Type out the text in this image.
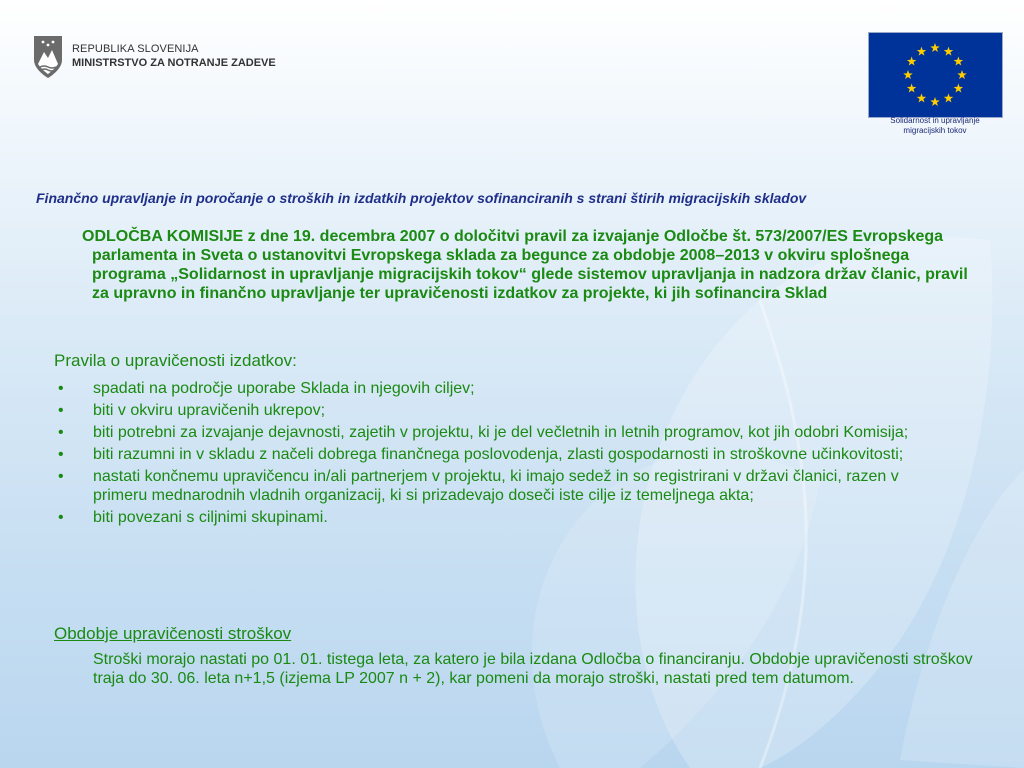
REPUBLIKA SLOVENIJA
MINISTRSTVO ZA NOTRANJE ZADEVE
Solidarnost in upravljanje
migracijskih tokov
Finančno upravljanje in poročanje o stroških in izdatkih projektov sofinanciranih s strani štirih migracijskih skladov

ODLOČBA KOMISIJE z dne 19. decembra 2007 o določitvi pravil za izvajanje Odločbe št. 573/2007/ES Evropskega parlamenta in Sveta o ustanovitvi Evropskega sklada za begunce za obdobje 2008–2013 v okviru splošnega programa „Solidarnost in upravljanje migracijskih tokov“ glede sistemov upravljanja in nadzora držav članic, pravil za upravno in finančno upravljanje ter upravičenosti izdatkov za projekte, ki jih sofinancira Sklad

Pravila o upravičenosti izdatkov:

• spadati na področje uporabe Sklada in njegovih ciljev;
• biti v okviru upravičenih ukrepov;
• biti potrebni za izvajanje dejavnosti, zajetih v projektu, ki je del večletnih in letnih programov, kot jih odobri Komisija;
• biti razumni in v skladu z načeli dobrega finančnega poslovodenja, zlasti gospodarnosti in stroškovne učinkovitosti;
• nastati končnemu upravičencu in/ali partnerjem v projektu, ki imajo sedež in so registrirani v državi članici, razen v primeru mednarodnih vladnih organizacij, ki si prizadevajo doseči iste cilje iz temeljnega akta;
• biti povezani s ciljnimi skupinami.

Obdobje upravičenosti stroškov

Stroški morajo nastati po 01. 01. tistega leta, za katero je bila izdana Odločba o financiranju. Obdobje upravičenosti stroškov traja do 30. 06. leta n+1,5 (izjema LP 2007 n + 2), kar pomeni da morajo stroški, nastati pred tem datumom.
